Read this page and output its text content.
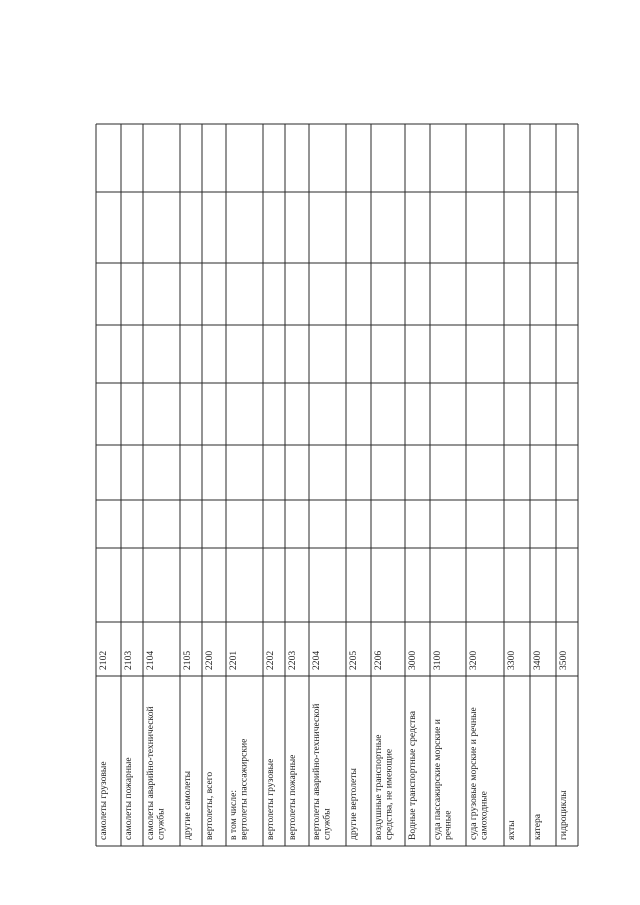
самолеты грузовые
2102
самолеты пожарные
2103
самолеты аварийно-технической службы
2104
другие самолеты
2105
вертолеты, всего
2200
в том числе: вертолеты пассажирские
2201
вертолеты грузовые
2202
вертолеты пожарные
2203
вертолеты аварийно-технической службы
2204
другие вертолеты
2205
воздушные транспортные средства, не имеющие
2206
Водные транспортные средства
3000
суда пассажирские морские и речные
3100
суда грузовые морские и речные самоходные
3200
яхты
3300
катера
3400
гидроциклы
3500
